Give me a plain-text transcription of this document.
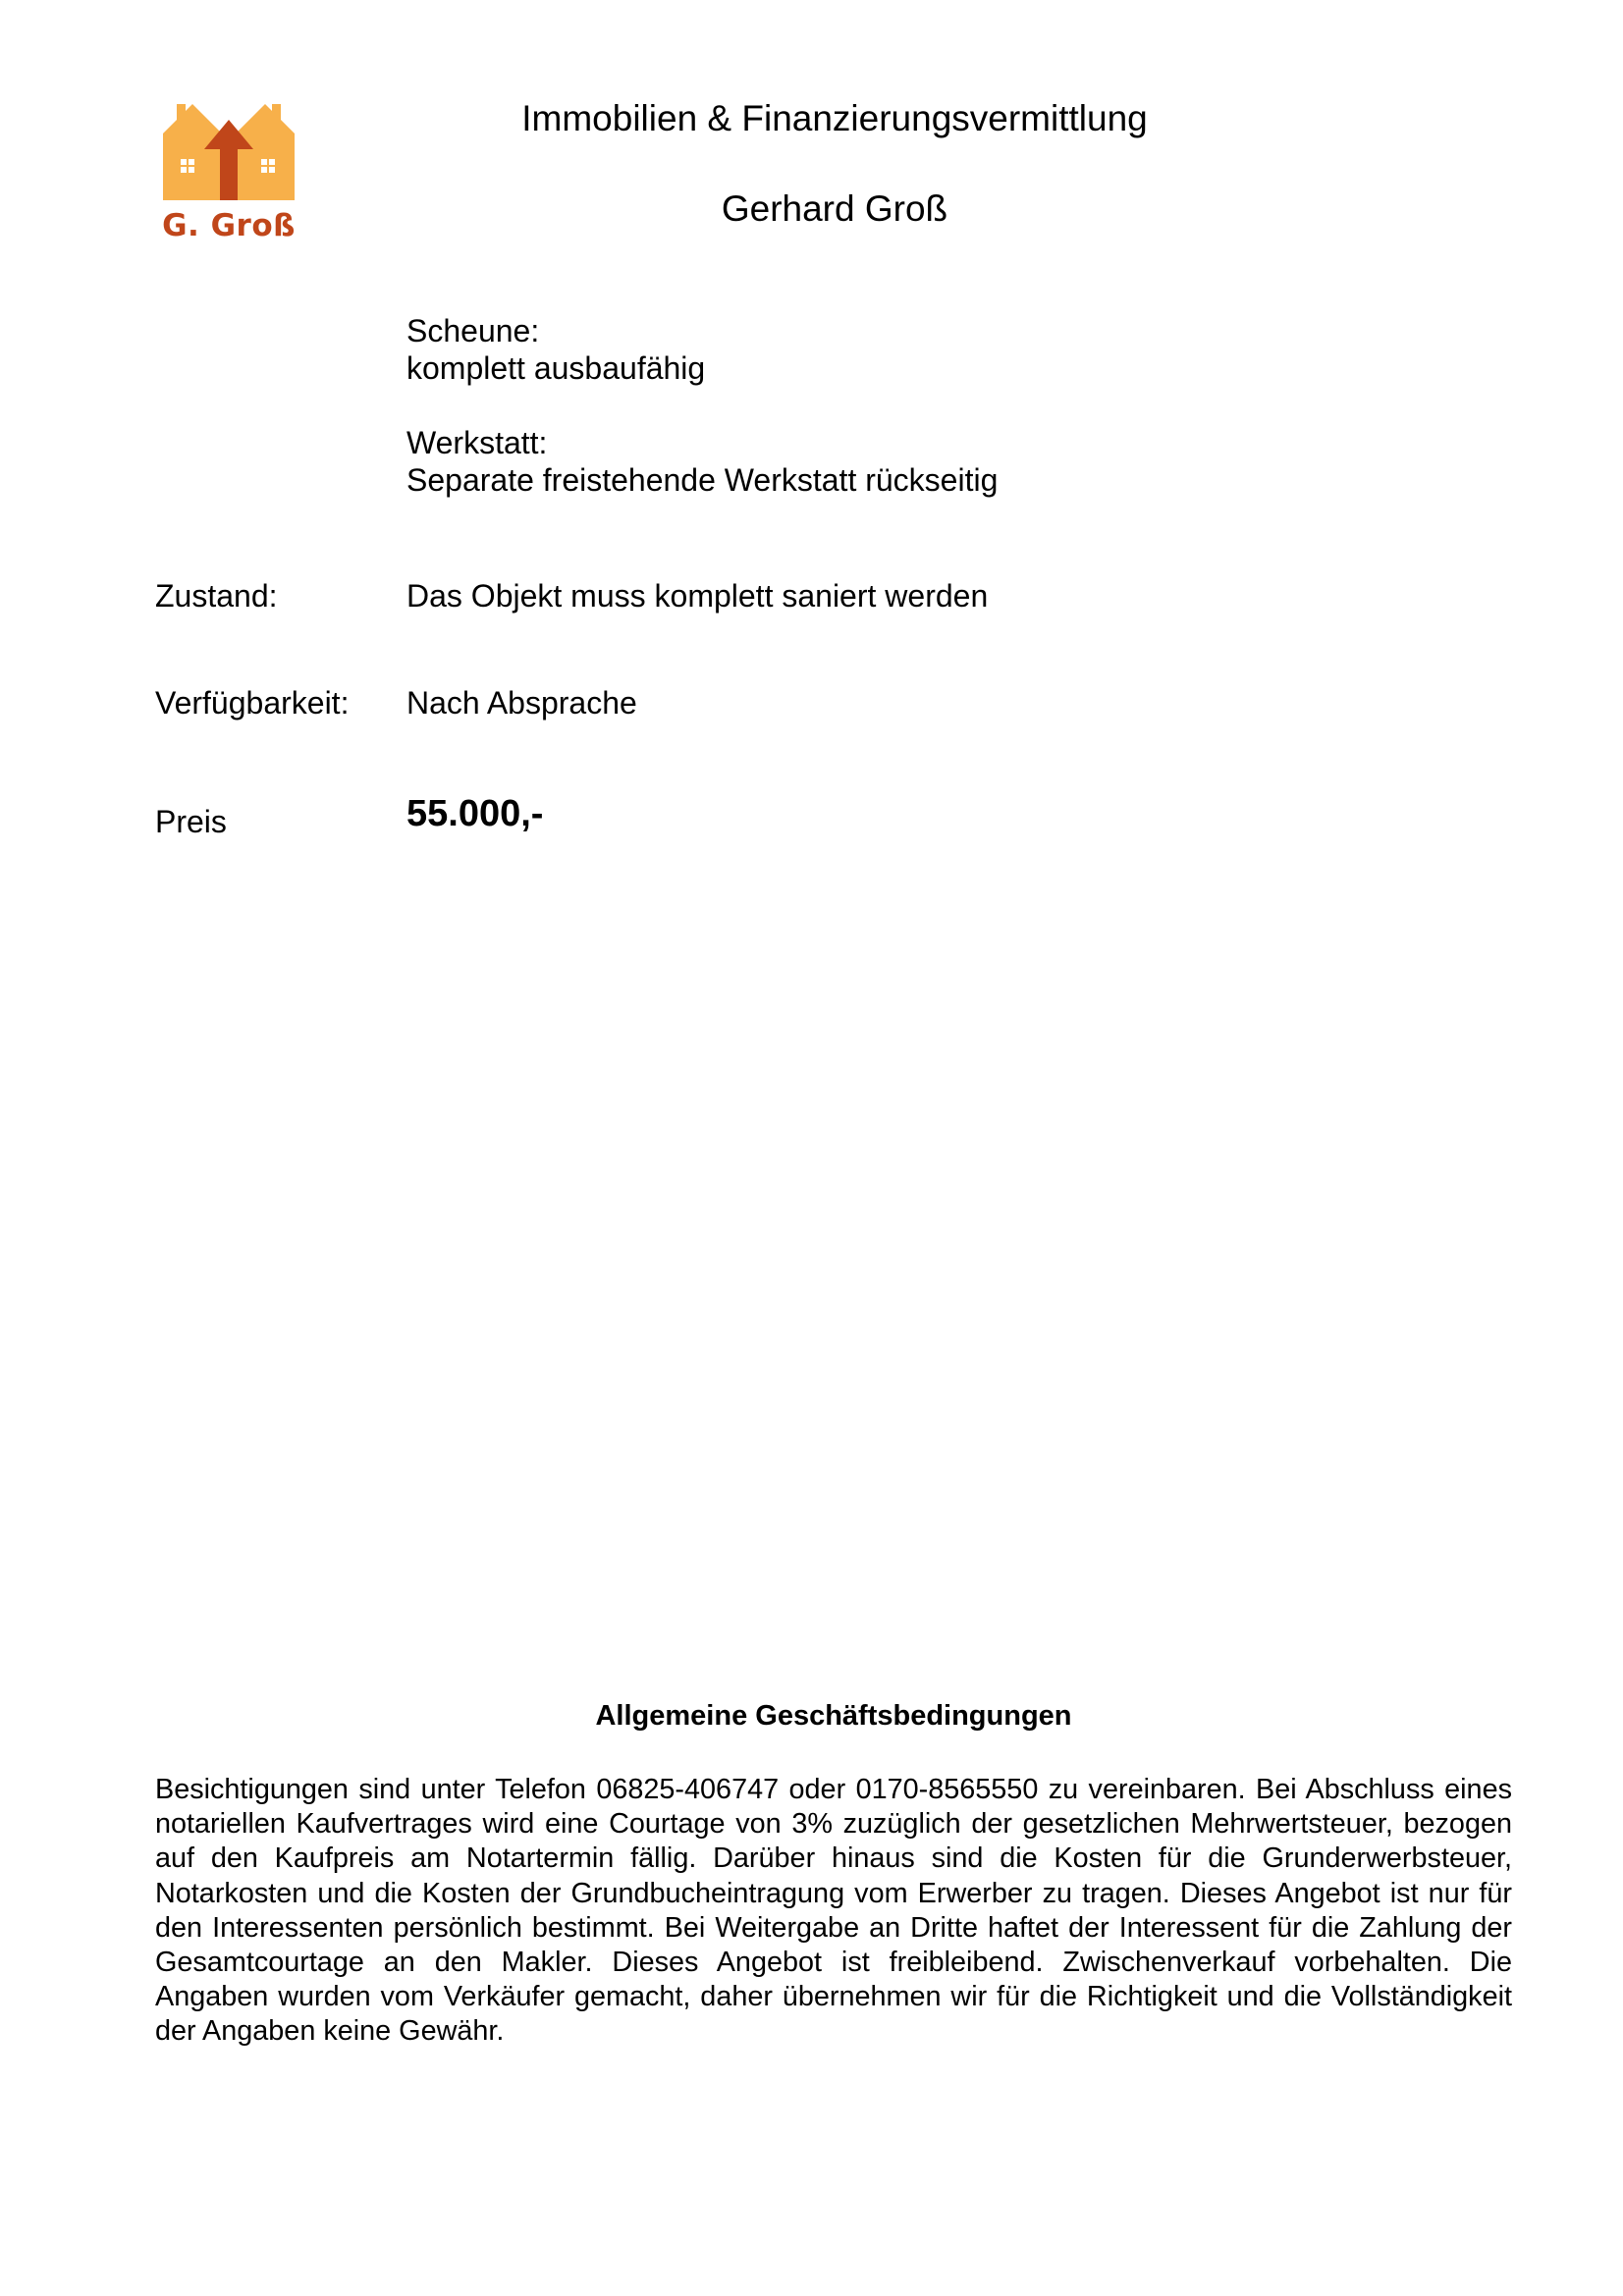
G. Groß
Immobilien & Finanzierungsvermittlung
Gerhard Groß
Scheune:
komplett ausbaufähig
Werkstatt:
Separate freistehende Werkstatt rückseitig
Zustand:	Das Objekt muss komplett saniert werden
Verfügbarkeit: Nach Absprache
Preis	55.000,-
Allgemeine Geschäftsbedingungen
Besichtigungen sind unter Telefon 06825-406747 oder 0170-8565550 zu vereinbaren. Bei Abschluss eines notariellen Kaufvertrages wird eine Courtage von 3% zuzüglich der gesetzlichen Mehrwertsteuer, bezogen auf den Kaufpreis am Notartermin fällig. Darüber hinaus sind die Kosten für die Grunderwerbsteuer, Notarkosten und die Kosten der Grundbucheintragung vom Erwerber zu tragen. Dieses Angebot ist nur für den Interessenten persönlich bestimmt. Bei Weitergabe an Dritte haftet der Interessent für die Zahlung der Gesamtcourtage an den Makler. Dieses Angebot ist freibleibend. Zwischenverkauf vorbehalten. Die Angaben wurden vom Verkäufer gemacht, daher übernehmen wir für die Richtigkeit und die Vollständigkeit der Angaben keine Gewähr.
